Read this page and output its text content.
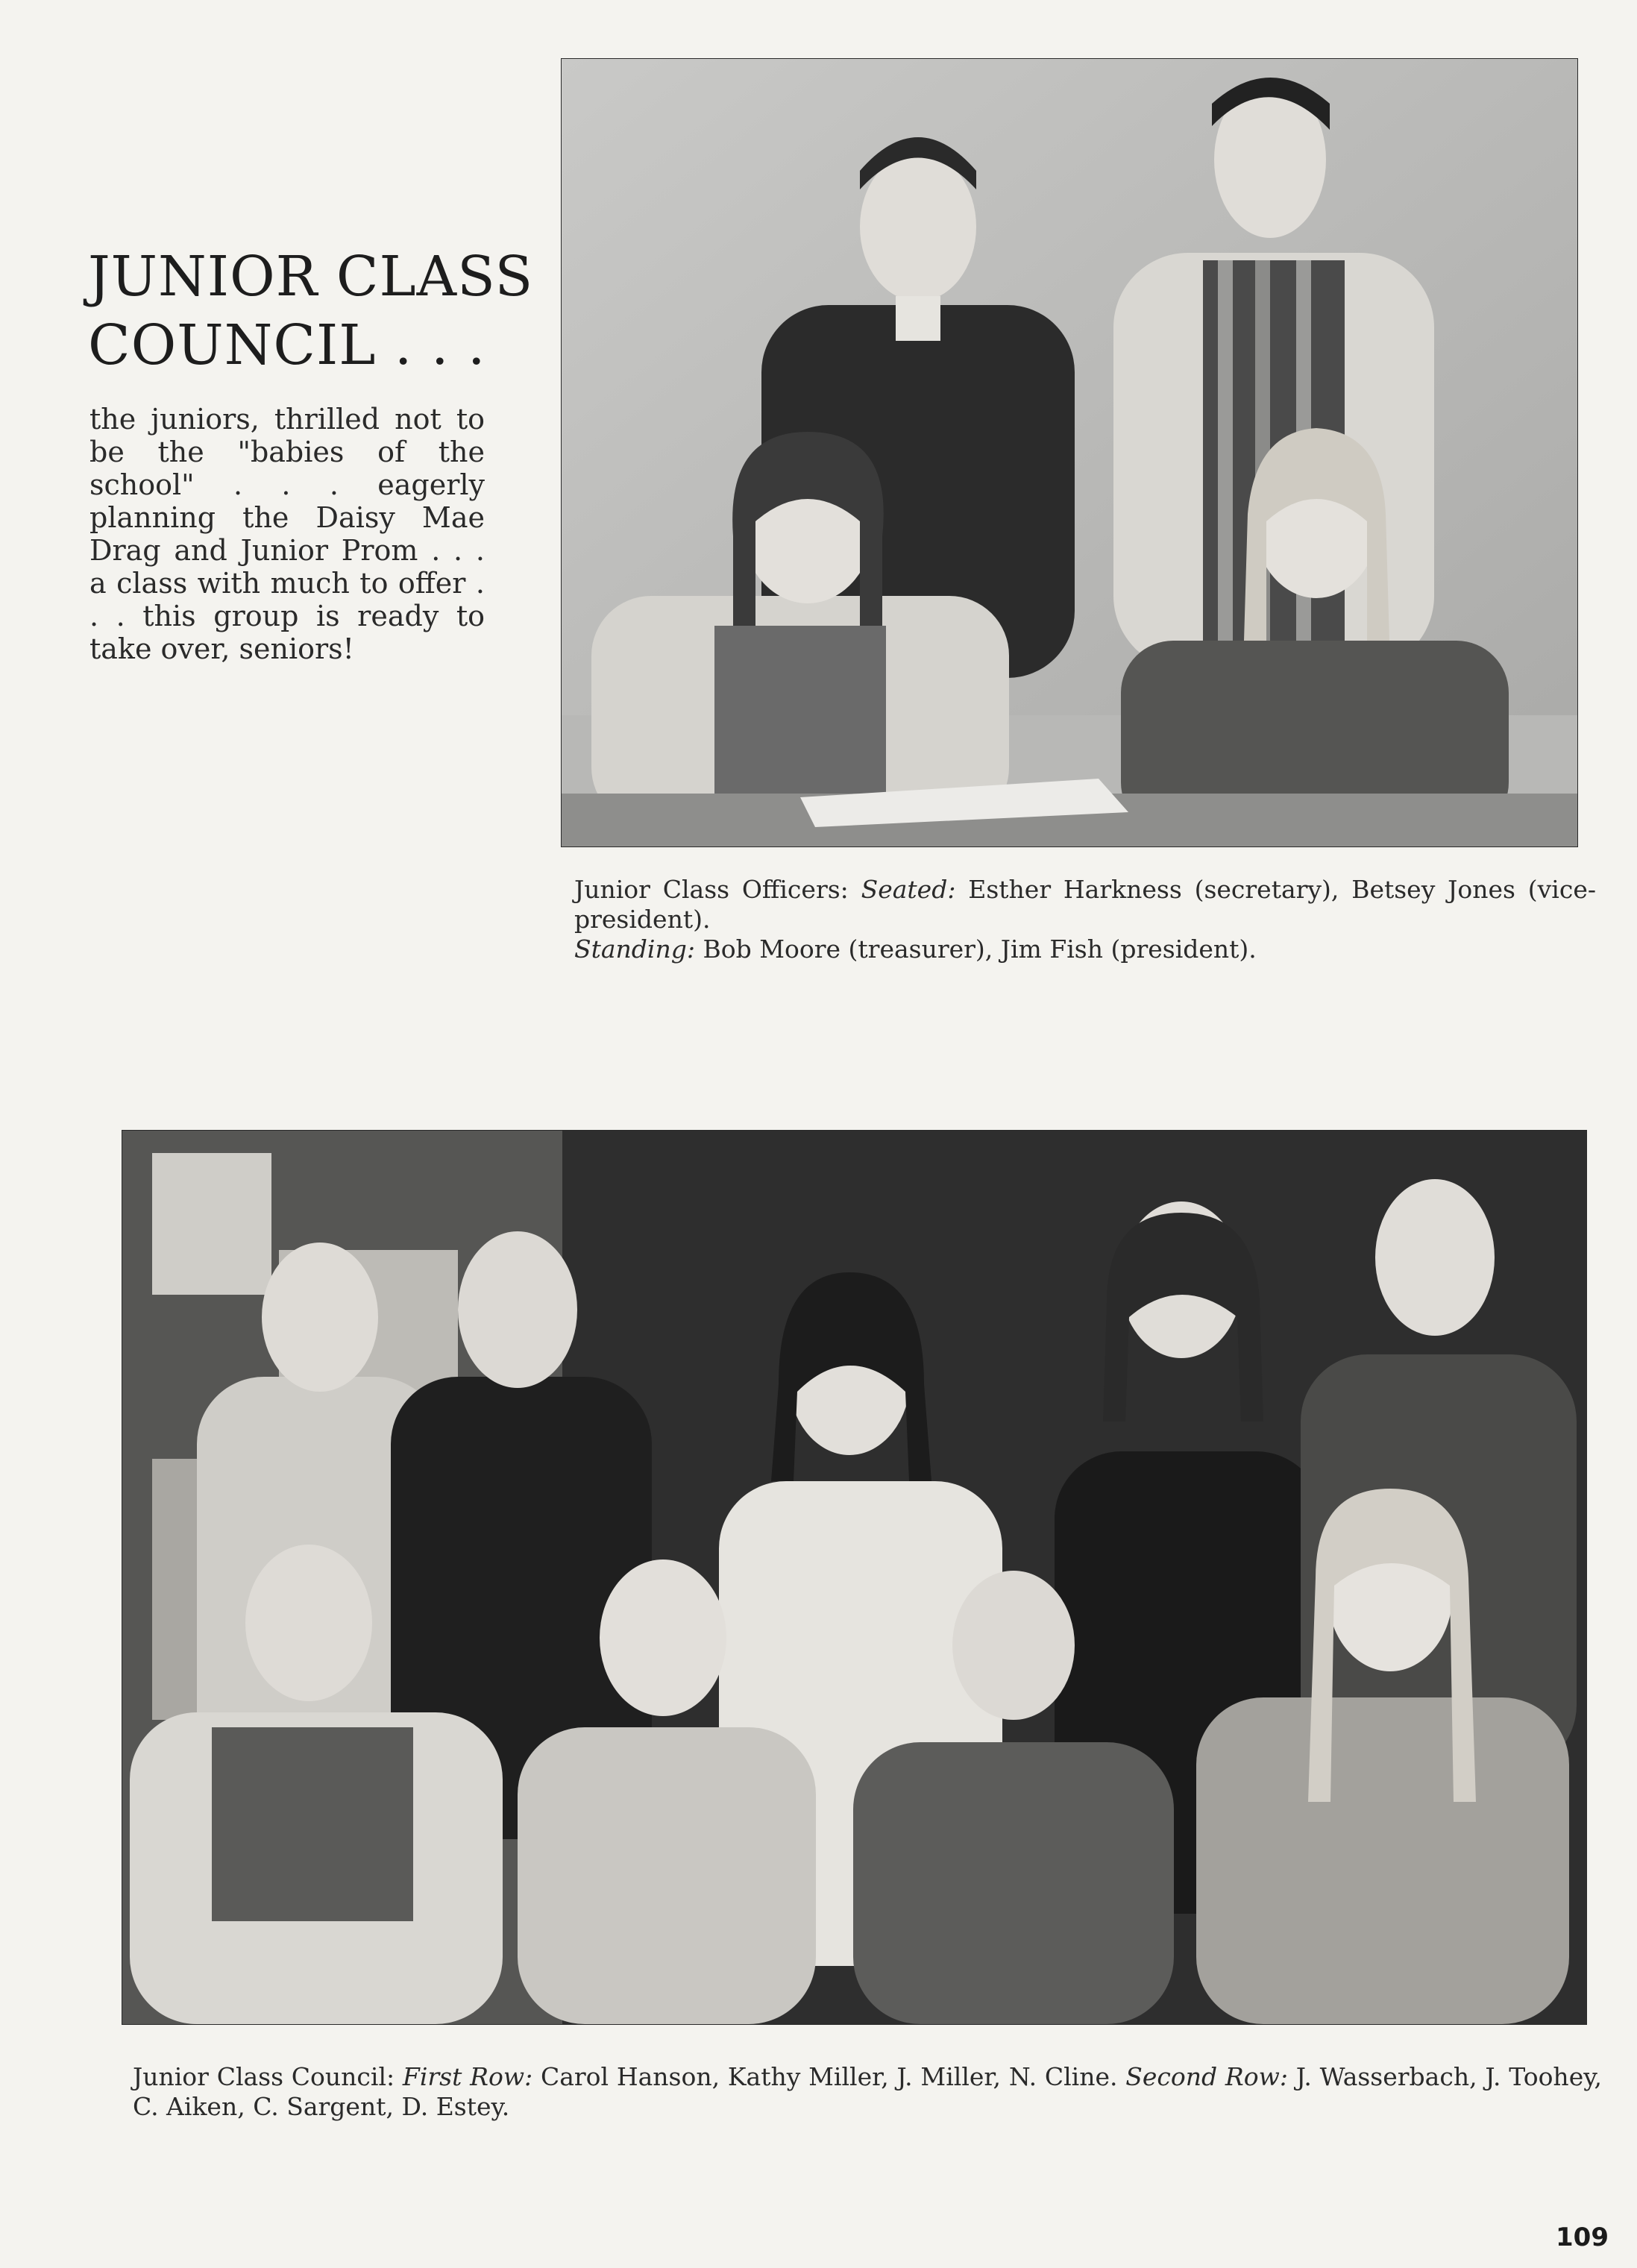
JUNIOR CLASS
COUNCIL . . .

the juniors, thrilled not to be the "babies of the school" . . . eagerly planning the Daisy Mae Drag and Junior Prom . . . a class with much to offer . . . this group is ready to take over, seniors!

Junior Class Officers: Seated: Esther Harkness (secretary), Betsey Jones (vice-president).
Standing: Bob Moore (treasurer), Jim Fish (president).

Junior Class Council: First Row: Carol Hanson, Kathy Miller, J. Miller, N. Cline. Second Row: J. Wasserbach, J. Toohey, C. Aiken, C. Sargent, D. Estey.

109
